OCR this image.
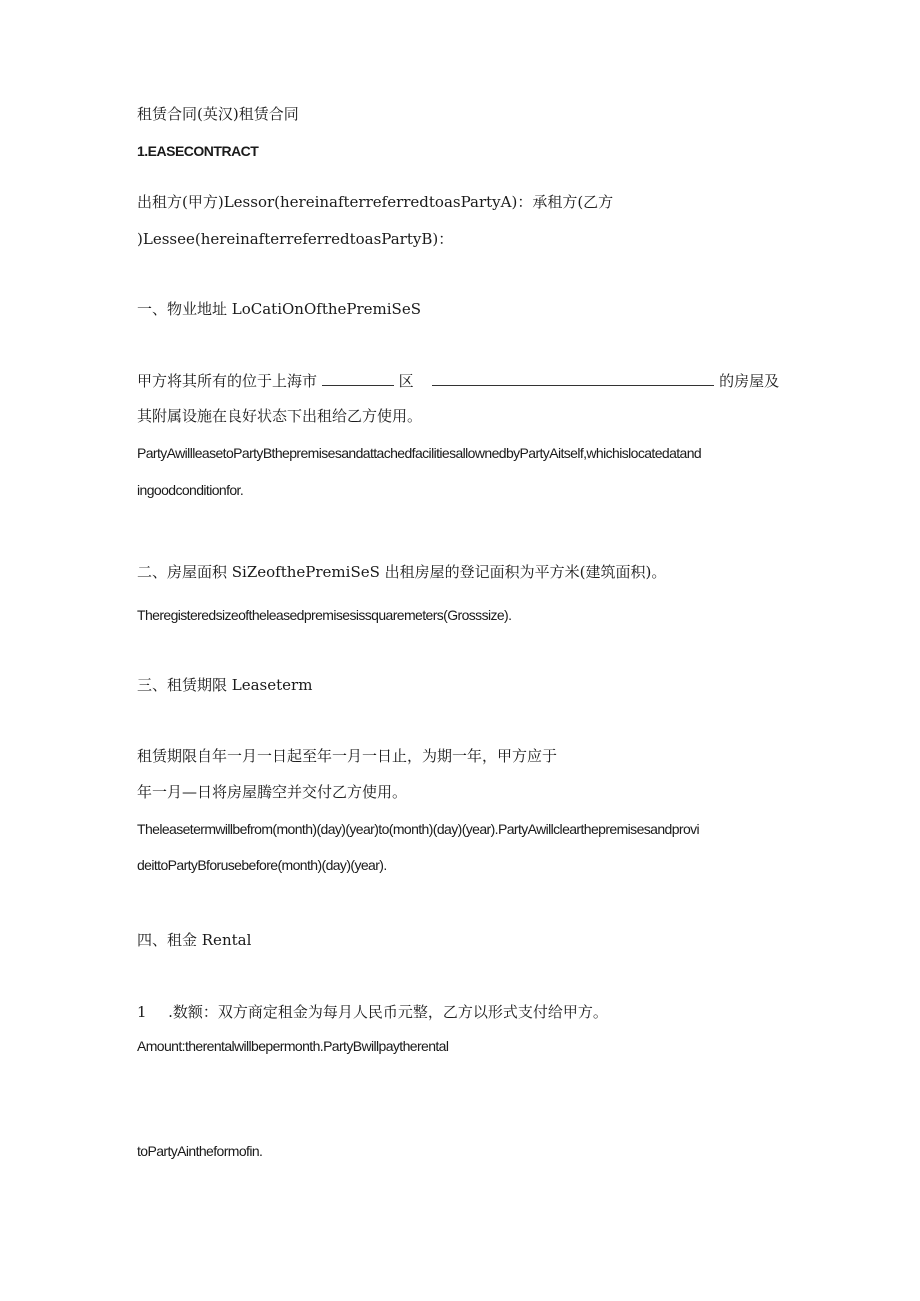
租赁合同(英汉)租赁合同
1.EASECONTRACT
出租方(甲方)Lessor(hereinafterreferredtoasPartyA)：承租方(乙方
)Lessee(hereinafterreferredtoasPartyB)：
一、物业地址 LoCatiOnOfthePremiSeS
甲方将其所有的位于上海市	区	的房屋及
其附属设施在良好状态下出租给乙方使用。
PartyAwillleasetoPartyBthepremisesandattachedfacilitiesallownedbyPartyAitself,whichislocatedatand
ingoodconditionfor.
二、房屋面积 SiZeofthePremiSeS 出租房屋的登记面积为平方米(建筑面积)。
Theregisteredsizeoftheleasedpremisesissquaremeters(Grosssize).
三、租赁期限 Leaseterm
租赁期限自年一月一日起至年一月一日止，为期一年，甲方应于
年一月—日将房屋腾空并交付乙方使用。
Theleasetermwillbefrom(month)(day)(year)to(month)(day)(year).PartyAwillclearthepremisesandprovi
deittoPartyBforusebefore(month)(day)(year).
四、租金 Rental
1 .数额：双方商定租金为每月人民币元整，乙方以形式支付给甲方。
Amount:therentalwillbepermonth.PartyBwillpaytherental
toPartyAintheformofin.
